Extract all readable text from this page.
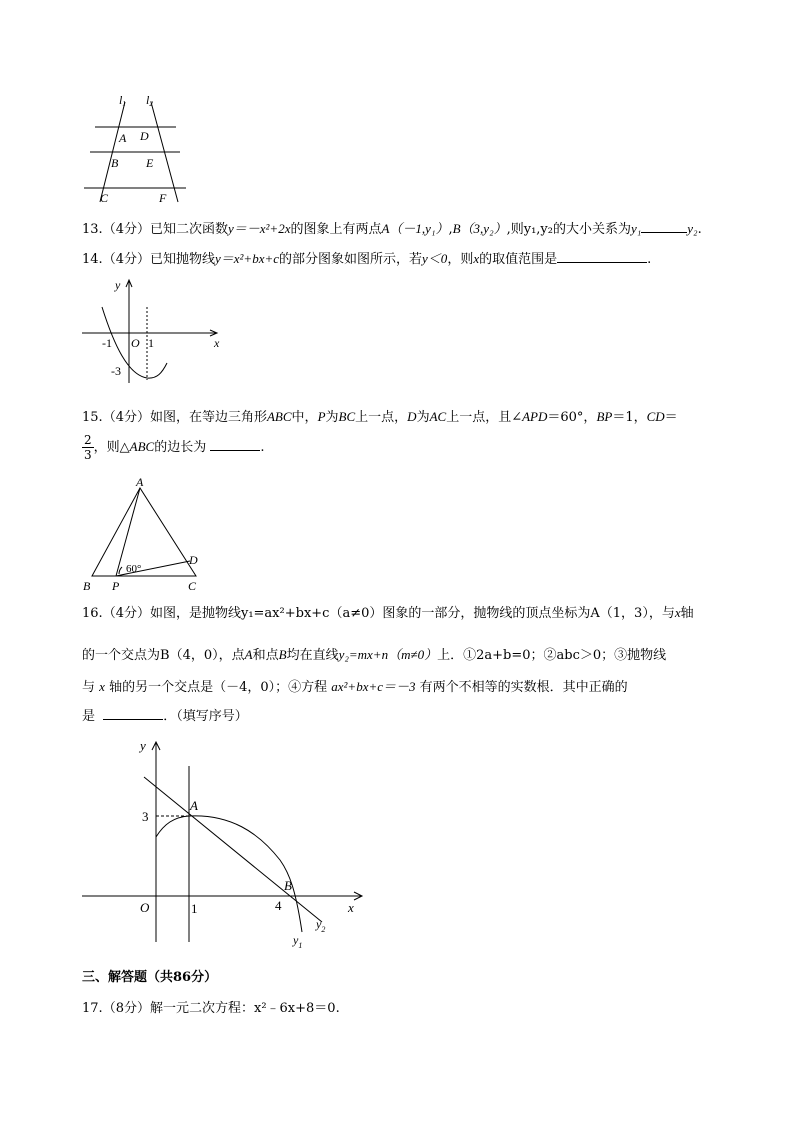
l1 l2
A D
B E
C	F
13.（4分）已知二次函数y＝－x²+2x的图象上有两点A（－1,y₁）,B（3,y₂）,则y₁,y₂的大小关系为y₁	y₂.
14.（4分）已知抛物线y＝x²+bx+c的部分图象如图所示，若y＜0，则x的取值范围是	.
y
x
-1 O 1
-3
15.（4分）如图，在等边三角形ABC中，P为BC上一点，D为AC上一点，且∠APD＝60°，BP＝1，CD＝
$\frac{2}{3}$ ，则△ABC的边长为	.
A
B P	C
D
60°
16.（4分）如图，是抛物线y₁=ax²+bx+c（a≠0）图象的一部分，抛物线的顶点坐标为A（1，3），与x轴
的一个交点为B（4，0），点A和点B均在直线y₂=mx+n（m≠0）上．①2a+b=0；②abc＞0；③抛物线
与 x 轴的另一个交点是（－4，0）；④方程 ax²+bx+c＝－3 有两个不相等的实数根．其中正确的
是	．（填写序号）
y
x
O
3
1	4
A
B
$y_1$
$y_2$
三、解答题（共86分）
17.（8分）解一元二次方程：x²﹣6x+8＝0.
